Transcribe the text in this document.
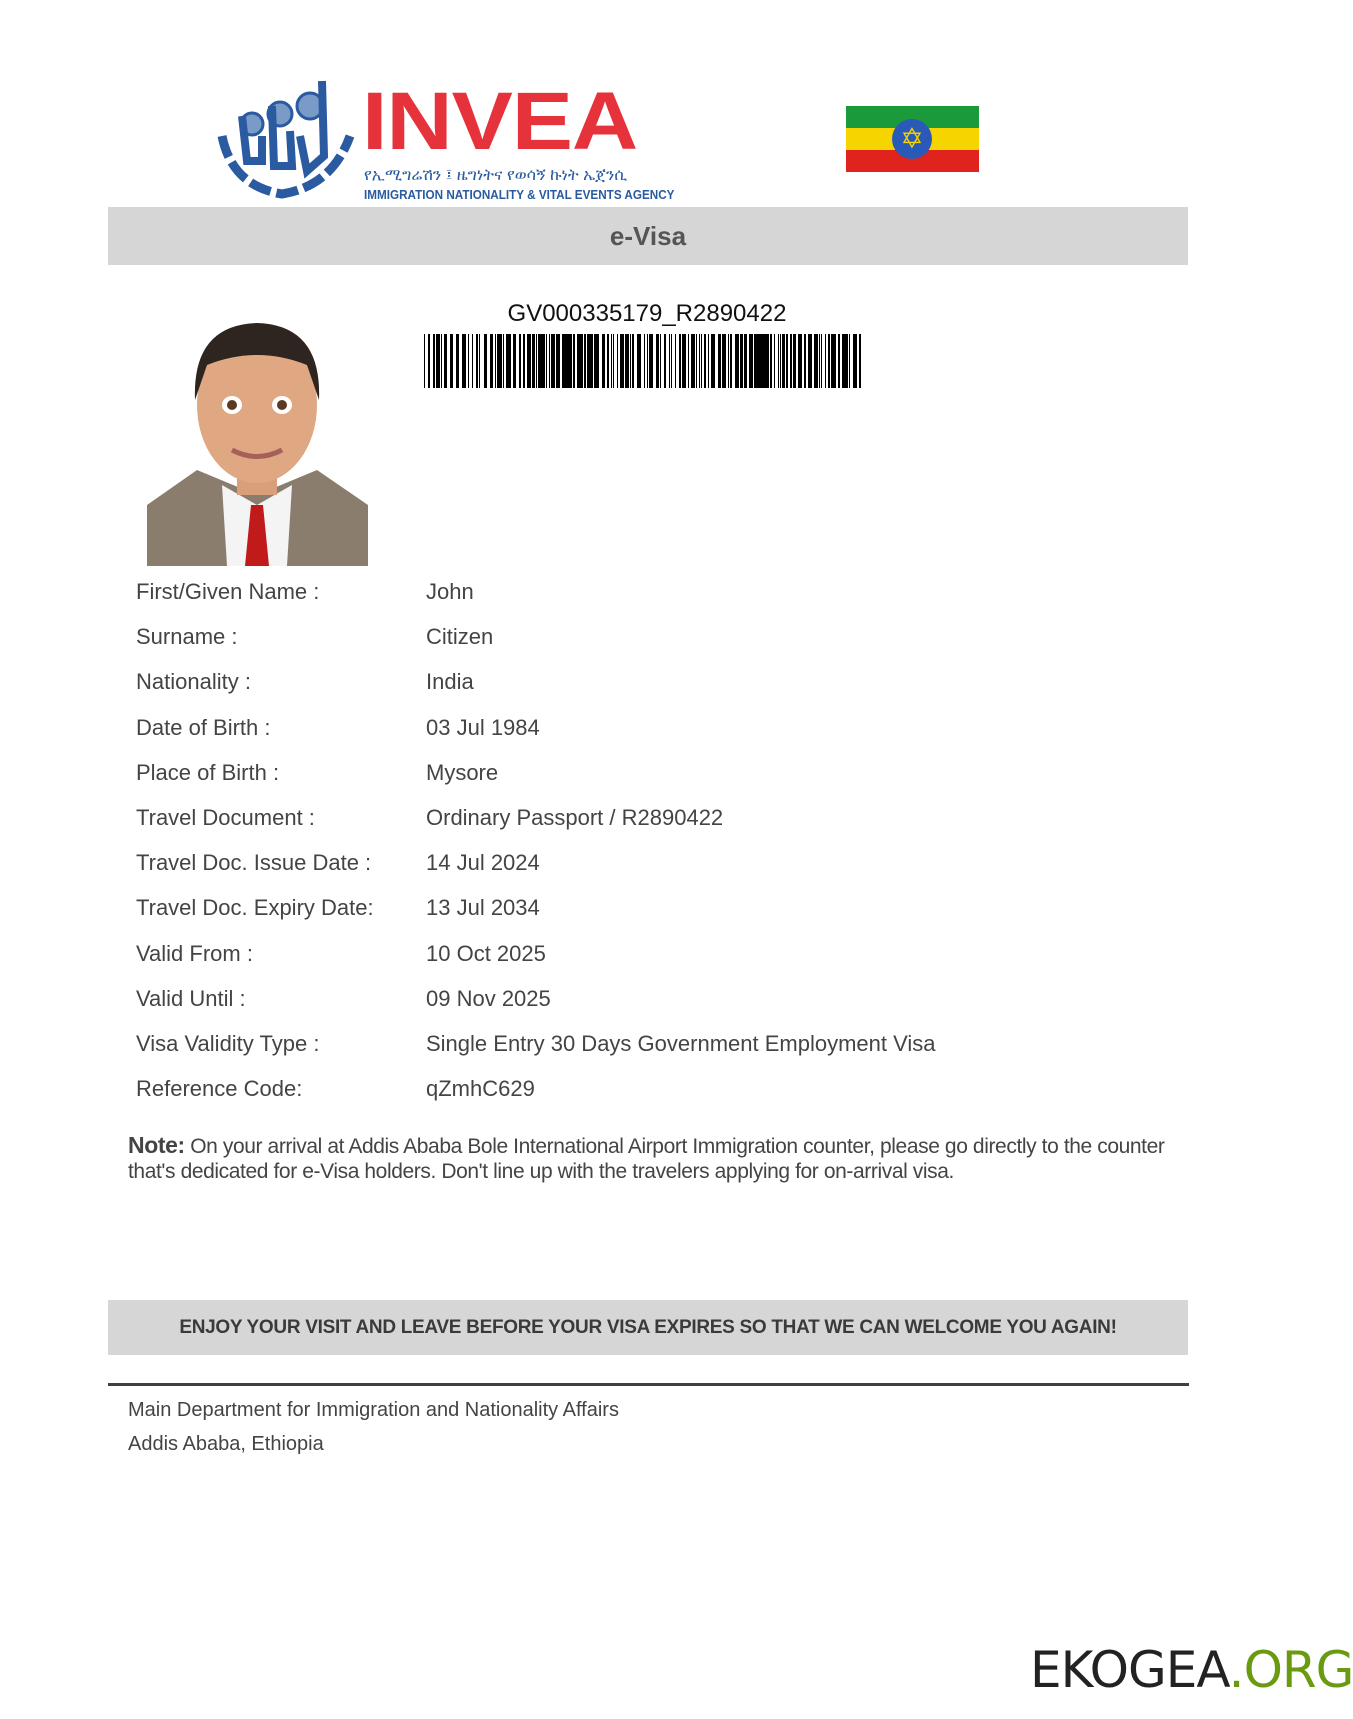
INVEA
የኢሚግሬሽን ፤ ዜግነትና የወሳኝ ኩነት ኤጀንሲ
IMMIGRATION NATIONALITY & VITAL EVENTS AGENCY
✡
e-Visa
GV000335179_R2890422
First/Given Name :	John
Surname :	Citizen
Nationality :	India
Date of Birth :	03 Jul 1984
Place of Birth :	Mysore
Travel Document :	Ordinary Passport / R2890422
Travel Doc. Issue Date : 14 Jul 2024
Travel Doc. Expiry Date: 13 Jul 2034
Valid From :	10 Oct 2025
Valid Until :	09 Nov 2025
Visa Validity Type :	Single Entry 30 Days Government Employment Visa
Reference Code:	qZmhC629
Note: On your arrival at Addis Ababa Bole International Airport Immigration counter, please go directly to the counter that's dedicated for e-Visa holders. Don't line up with the travelers applying for on-arrival visa.
ENJOY YOUR VISIT AND LEAVE BEFORE YOUR VISA EXPIRES SO THAT WE CAN WELCOME YOU AGAIN!
Main Department for Immigration and Nationality Affairs
Addis Ababa, Ethiopia
EKOGEA.ORG
